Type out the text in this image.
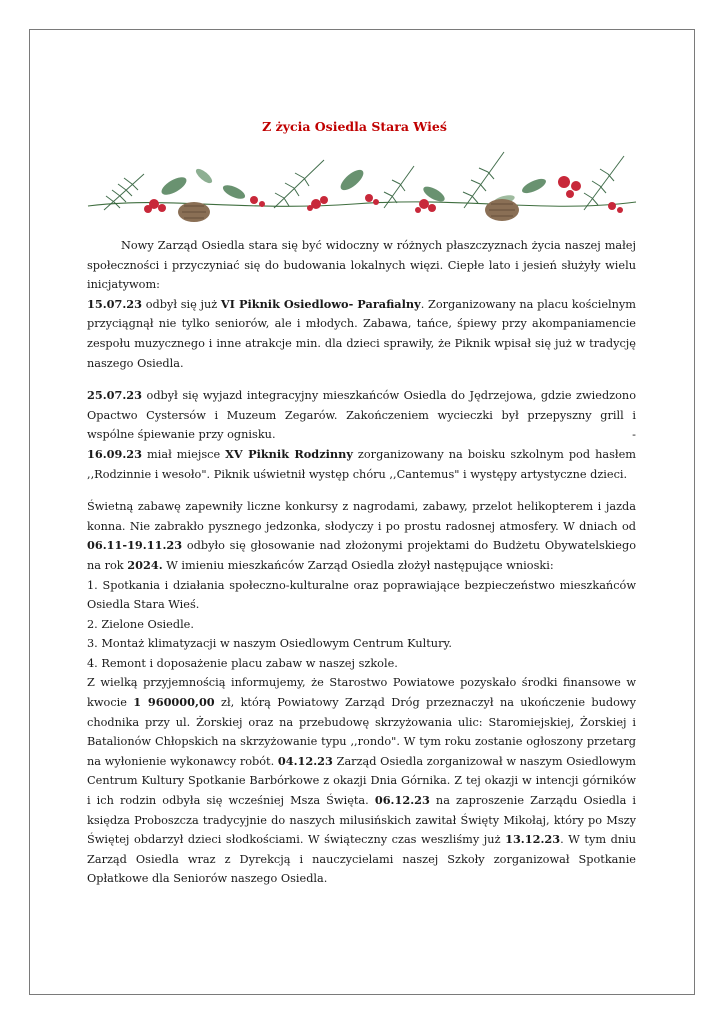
Z życia Osiedla Stara Wieś

Nowy Zarząd Osiedla stara się być widoczny w różnych płaszczyznach życia naszej małej społeczności i przyczyniać się do budowania lokalnych więzi. Ciepłe lato i jesień służyły wielu inicjatywom:

15.07.23 odbył się już VI Piknik Osiedlowo- Parafialny. Zorganizowany na placu kościelnym przyciągnął nie tylko seniorów, ale i młodych. Zabawa, tańce, śpiewy przy akompaniamencie zespołu muzycznego i inne atrakcje min. dla dzieci sprawiły, że Piknik wpisał się już w tradycję naszego Osiedla.

25.07.23 odbył się wyjazd integracyjny mieszkańców Osiedla do Jędrzejowa, gdzie zwiedzono Opactwo Cystersów i Muzeum Zegarów. Zakończeniem wycieczki był przepyszny grill i wspólne śpiewanie przy ognisku.	-

16.09.23 miał miejsce XV Piknik Rodzinny zorganizowany na boisku szkolnym pod hasłem ,,Rodzinnie i wesoło". Piknik uświetnił występ chóru ,,Cantemus" i występy artystyczne dzieci.

Świetną zabawę zapewniły liczne konkursy z nagrodami, zabawy, przelot helikopterem i jazda konna. Nie zabrakło pysznego jedzonka, słodyczy i po prostu radosnej atmosfery. W dniach od 06.11-19.11.23 odbyło się głosowanie nad złożonymi projektami do Budżetu Obywatelskiego na rok 2024. W imieniu mieszkańców Zarząd Osiedla złożył następujące wnioski:

1. Spotkania i działania społeczno-kulturalne oraz poprawiające bezpieczeństwo mieszkańców Osiedla Stara Wieś.

2. Zielone Osiedle.

3. Montaż klimatyzacji w naszym Osiedlowym Centrum Kultury.

4. Remont i doposażenie placu zabaw w naszej szkole.

Z wielką przyjemnością informujemy, że Starostwo Powiatowe pozyskało środki finansowe w kwocie 1 960000,00 zł, którą Powiatowy Zarząd Dróg przeznaczył na ukończenie budowy chodnika przy ul. Żorskiej oraz na przebudowę skrzyżowania ulic: Staromiejskiej, Żorskiej i Batalionów Chłopskich na skrzyżowanie typu ,,rondo". W tym roku zostanie ogłoszony przetarg na wyłonienie wykonawcy robót. 04.12.23 Zarząd Osiedla zorganizował w naszym Osiedlowym Centrum Kultury Spotkanie Barbórkowe z okazji Dnia Górnika. Z tej okazji w intencji górników i ich rodzin odbyła się wcześniej Msza Święta. 06.12.23 na zaproszenie Zarządu Osiedla i księdza Proboszcza tradycyjnie do naszych milusińskich zawitał Święty Mikołaj, który po Mszy Świętej obdarzył dzieci słodkościami. W świąteczny czas weszliśmy już 13.12.23. W tym dniu Zarząd Osiedla wraz z Dyrekcją i nauczycielami naszej Szkoły zorganizował Spotkanie Opłatkowe dla Seniorów naszego Osiedla.
